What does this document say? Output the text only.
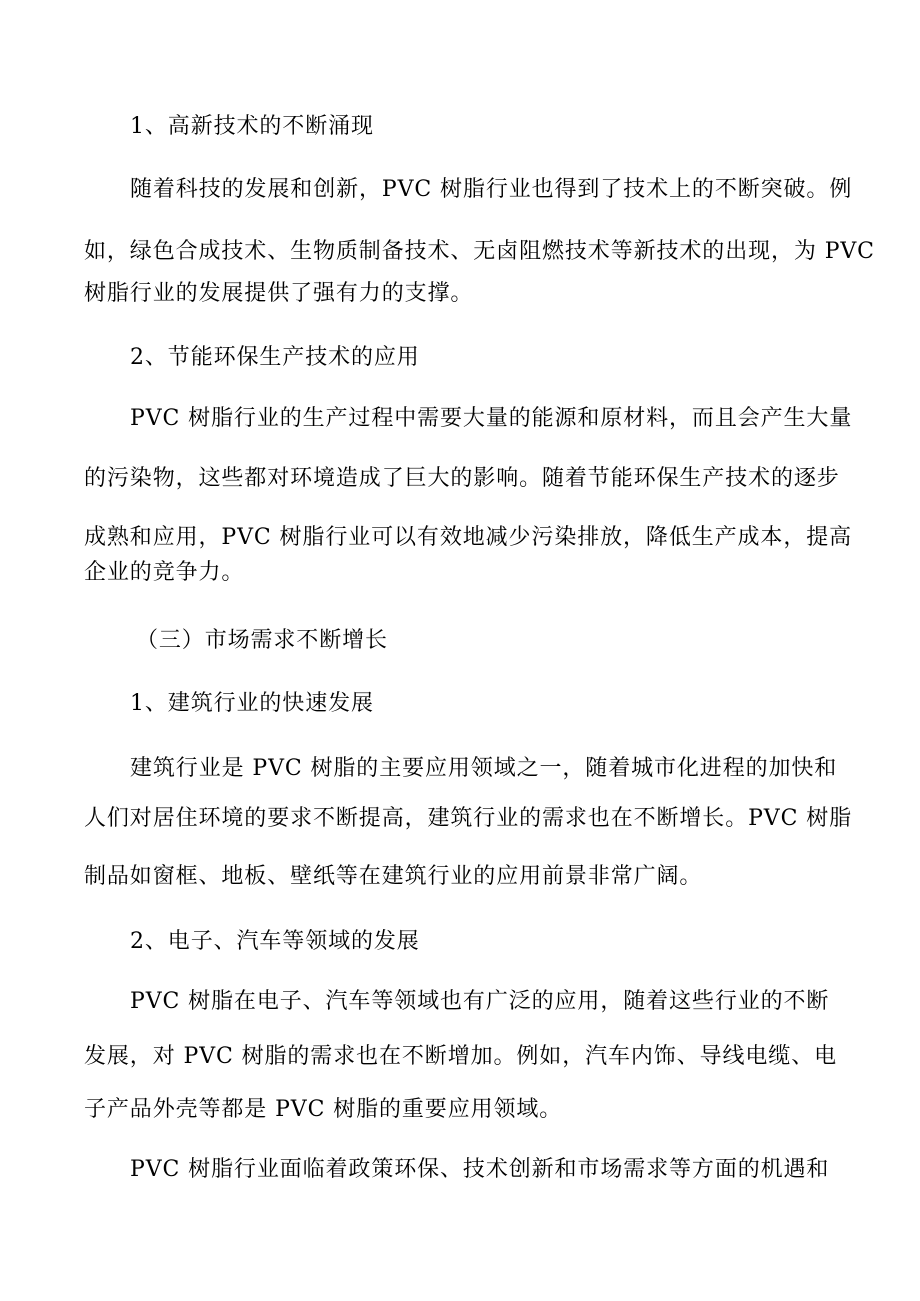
1、高新技术的不断涌现
随着科技的发展和创新，PVC 树脂行业也得到了技术上的不断突破。例
如，绿色合成技术、生物质制备技术、无卤阻燃技术等新技术的出现，为 PVC
树脂行业的发展提供了强有力的支撑。
2、节能环保生产技术的应用
PVC 树脂行业的生产过程中需要大量的能源和原材料，而且会产生大量
的污染物，这些都对环境造成了巨大的影响。随着节能环保生产技术的逐步
成熟和应用，PVC 树脂行业可以有效地减少污染排放，降低生产成本，提高
企业的竞争力。
（三）市场需求不断增长
1、建筑行业的快速发展
建筑行业是 PVC 树脂的主要应用领域之一，随着城市化进程的加快和
人们对居住环境的要求不断提高，建筑行业的需求也在不断增长。PVC 树脂
制品如窗框、地板、壁纸等在建筑行业的应用前景非常广阔。
2、电子、汽车等领域的发展
PVC 树脂在电子、汽车等领域也有广泛的应用，随着这些行业的不断
发展，对 PVC 树脂的需求也在不断增加。例如，汽车内饰、导线电缆、电
子产品外壳等都是 PVC 树脂的重要应用领域。
PVC 树脂行业面临着政策环保、技术创新和市场需求等方面的机遇和
